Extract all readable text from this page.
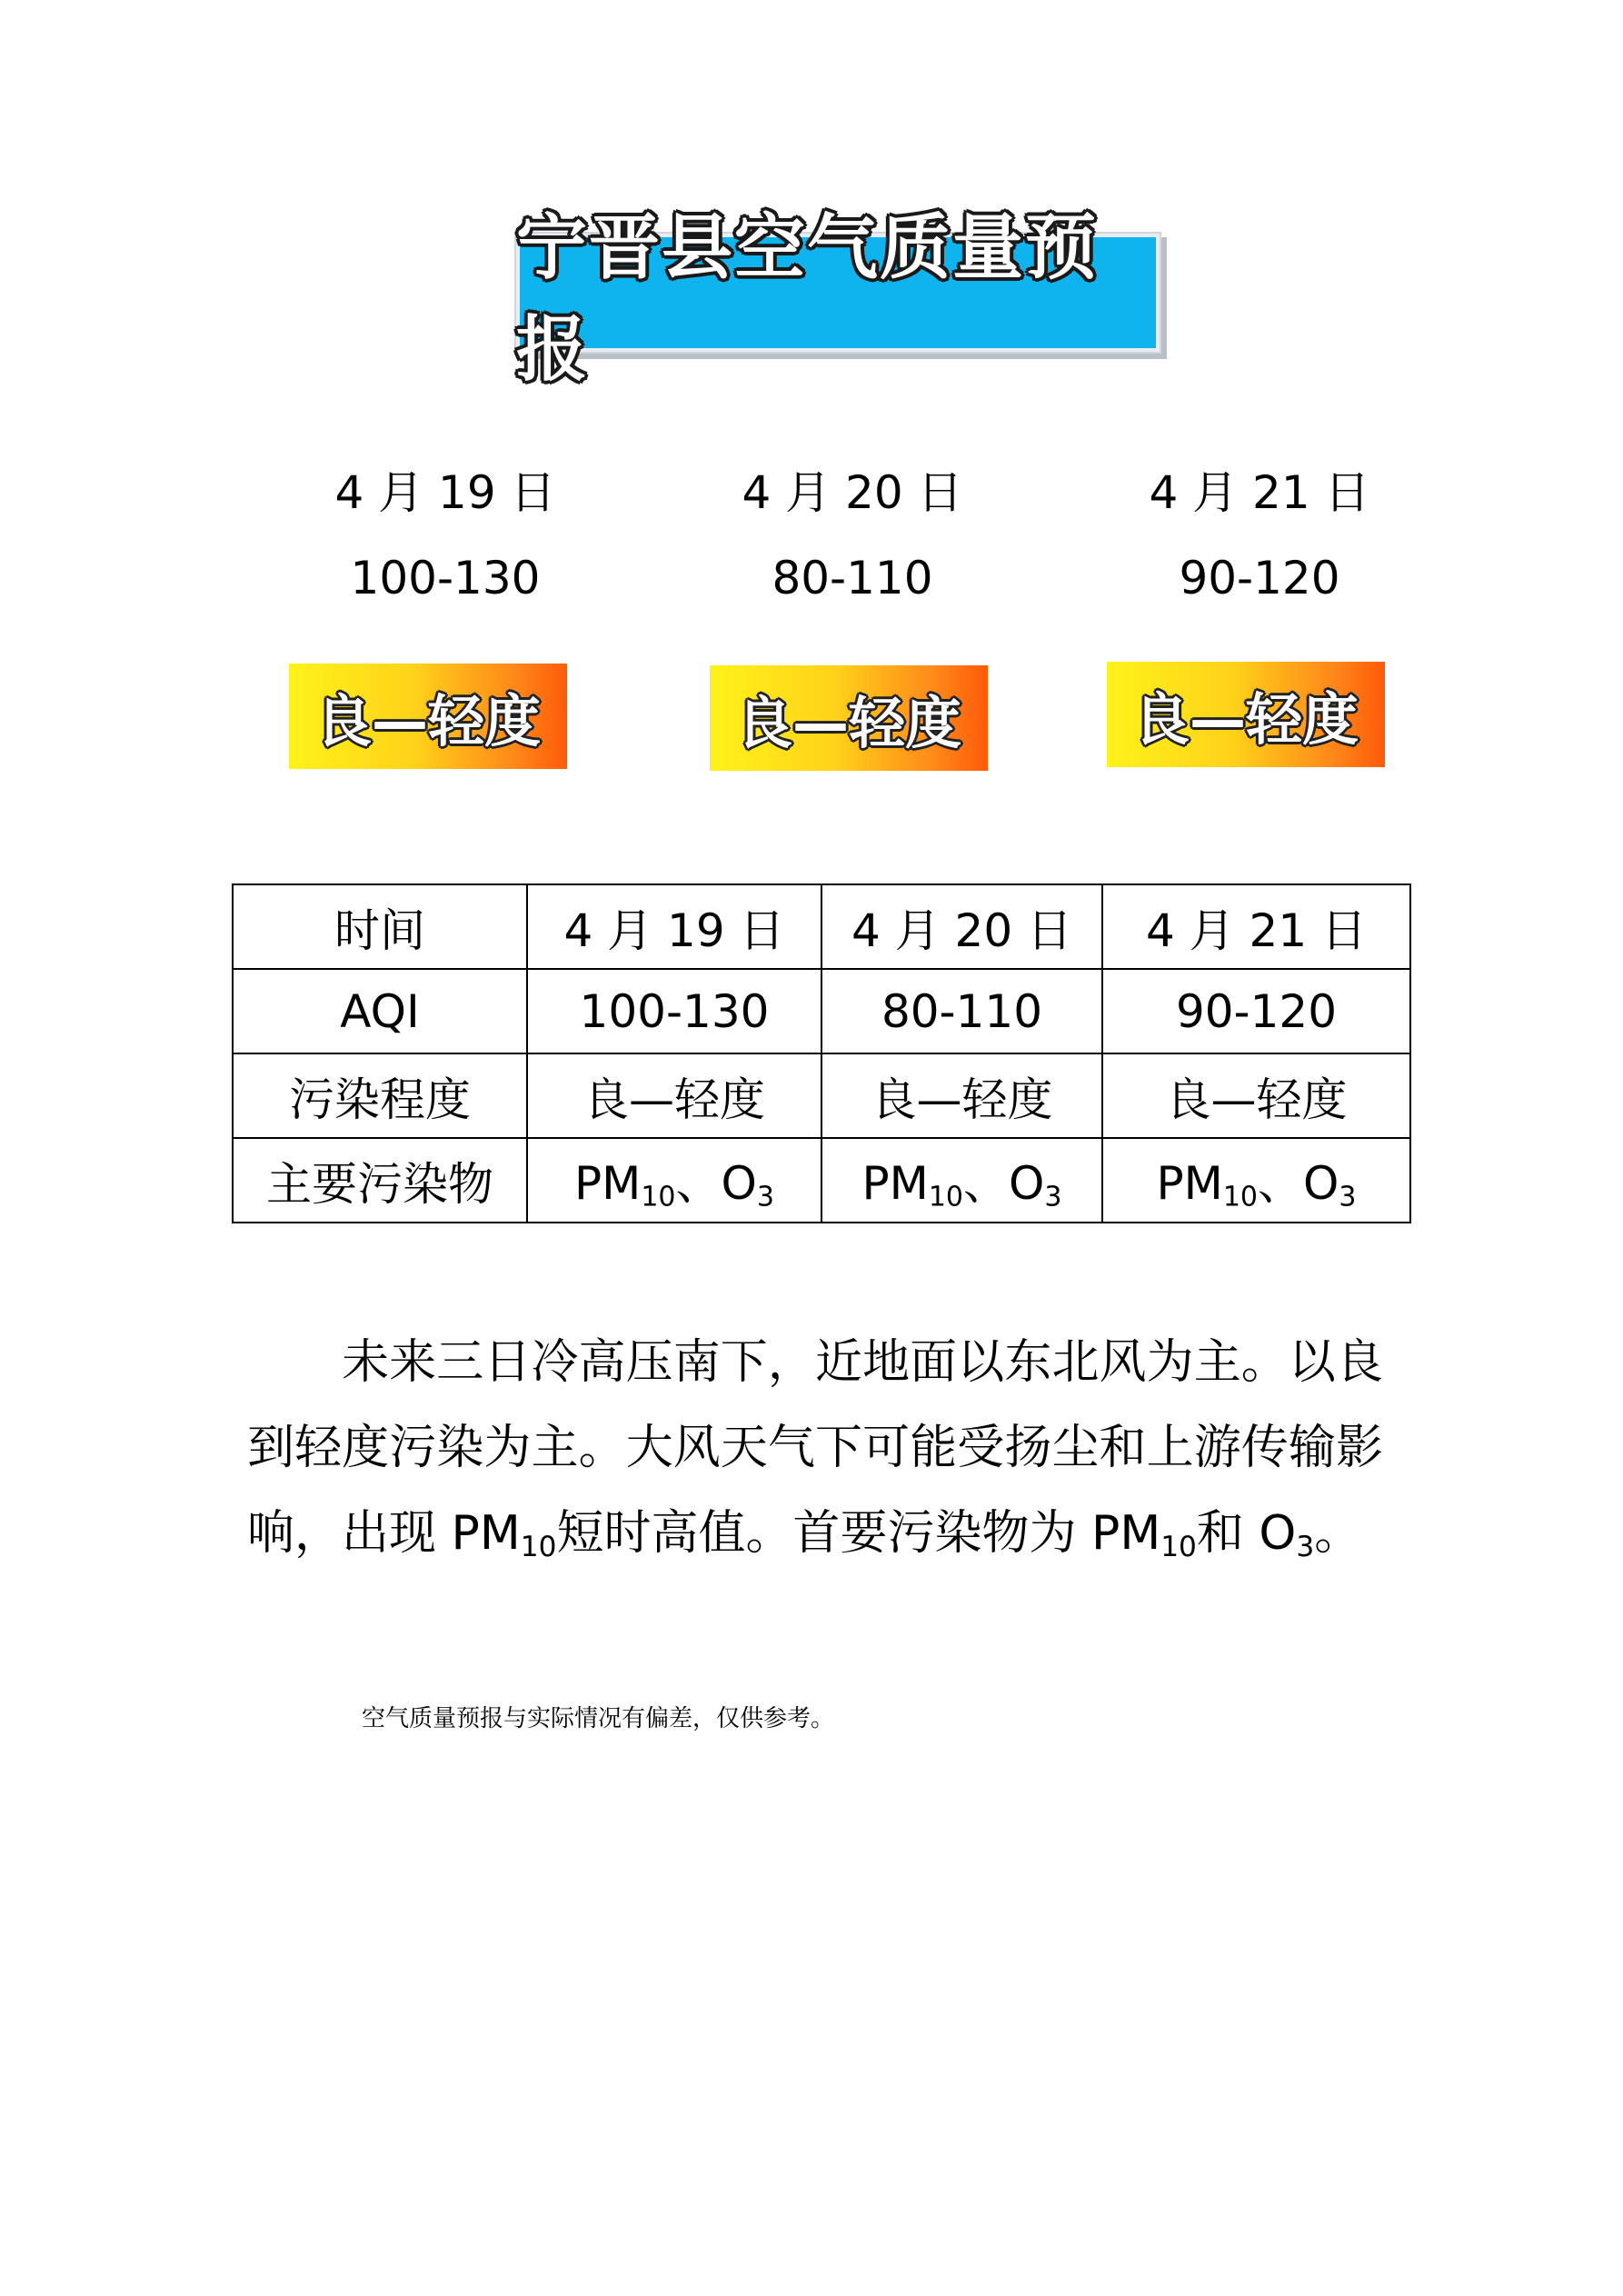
宁晋县空气质量预报
4 月 19 日
100-130
4 月 20 日
80-110
4 月 21 日
90-120
良—轻度	良—轻度	良—轻度
时间	4 月 19 日	4 月 20 日	4 月 21 日
AQI	100-130	80-110	90-120
污染程度	良—轻度	良—轻度	良—轻度
主要污染物	$PM_{10}$、$O_3$	$PM_{10}$、$O_3$	$PM_{10}$、$O_3$
未来三日冷高压南下，近地面以东北风为主。以良到轻度污染为主。大风天气下可能受扬尘和上游传输影响，出现 $PM_{10}$短时高值。首要污染物为 $PM_{10}$和 $O_3$。
空气质量预报与实际情况有偏差，仅供参考。
